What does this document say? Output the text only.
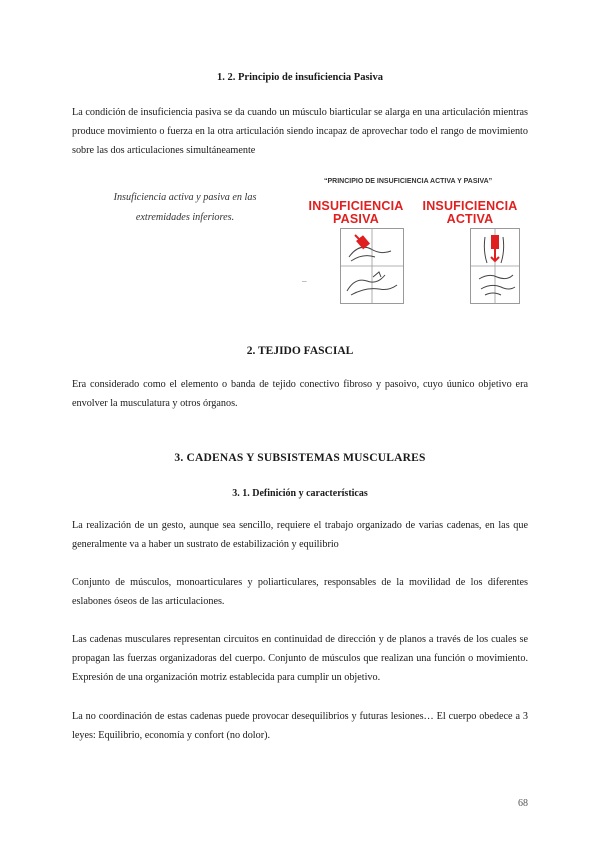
1. 2. Principio de insuficiencia Pasiva
La condición de insuficiencia pasiva se da cuando un músculo biarticular se alarga en una articulación mientras produce movimiento o fuerza en la otra articulación siendo incapaz de aprovechar todo el rango de movimiento sobre las dos articulaciones simultáneamente
Insuficiencia activa y pasiva en las extremidades inferiores.
“PRINCIPIO DE INSUFICIENCIA ACTIVA Y PASIVA”
INSUFICIENCIA
PASIVA
INSUFICIENCIA
ACTIVA
–
2. TEJIDO FASCIAL
Era considerado como el elemento o banda de tejido conectivo fibroso y pasoivo, cuyo úunico objetivo era envolver la musculatura y otros órganos.
3. CADENAS Y SUBSISTEMAS MUSCULARES
3. 1. Definición y características
La realización de un gesto, aunque sea sencillo, requiere el trabajo organizado de varias cadenas, en las que generalmente va a haber un sustrato de estabilización y equilibrio
Conjunto de músculos, monoarticulares y poliarticulares, responsables de la movilidad de los diferentes eslabones óseos de las articulaciones.
Las cadenas musculares representan circuitos en continuidad de dirección y de planos a través de los cuales se propagan las fuerzas organizadoras del cuerpo. Conjunto de músculos que realizan una función o movimiento. Expresión de una organización motriz establecida para cumplir un objetivo.
La no coordinación de estas cadenas puede provocar desequilibrios y futuras lesiones… El cuerpo obedece a 3 leyes: Equilibrio, economía y confort (no dolor).
68
